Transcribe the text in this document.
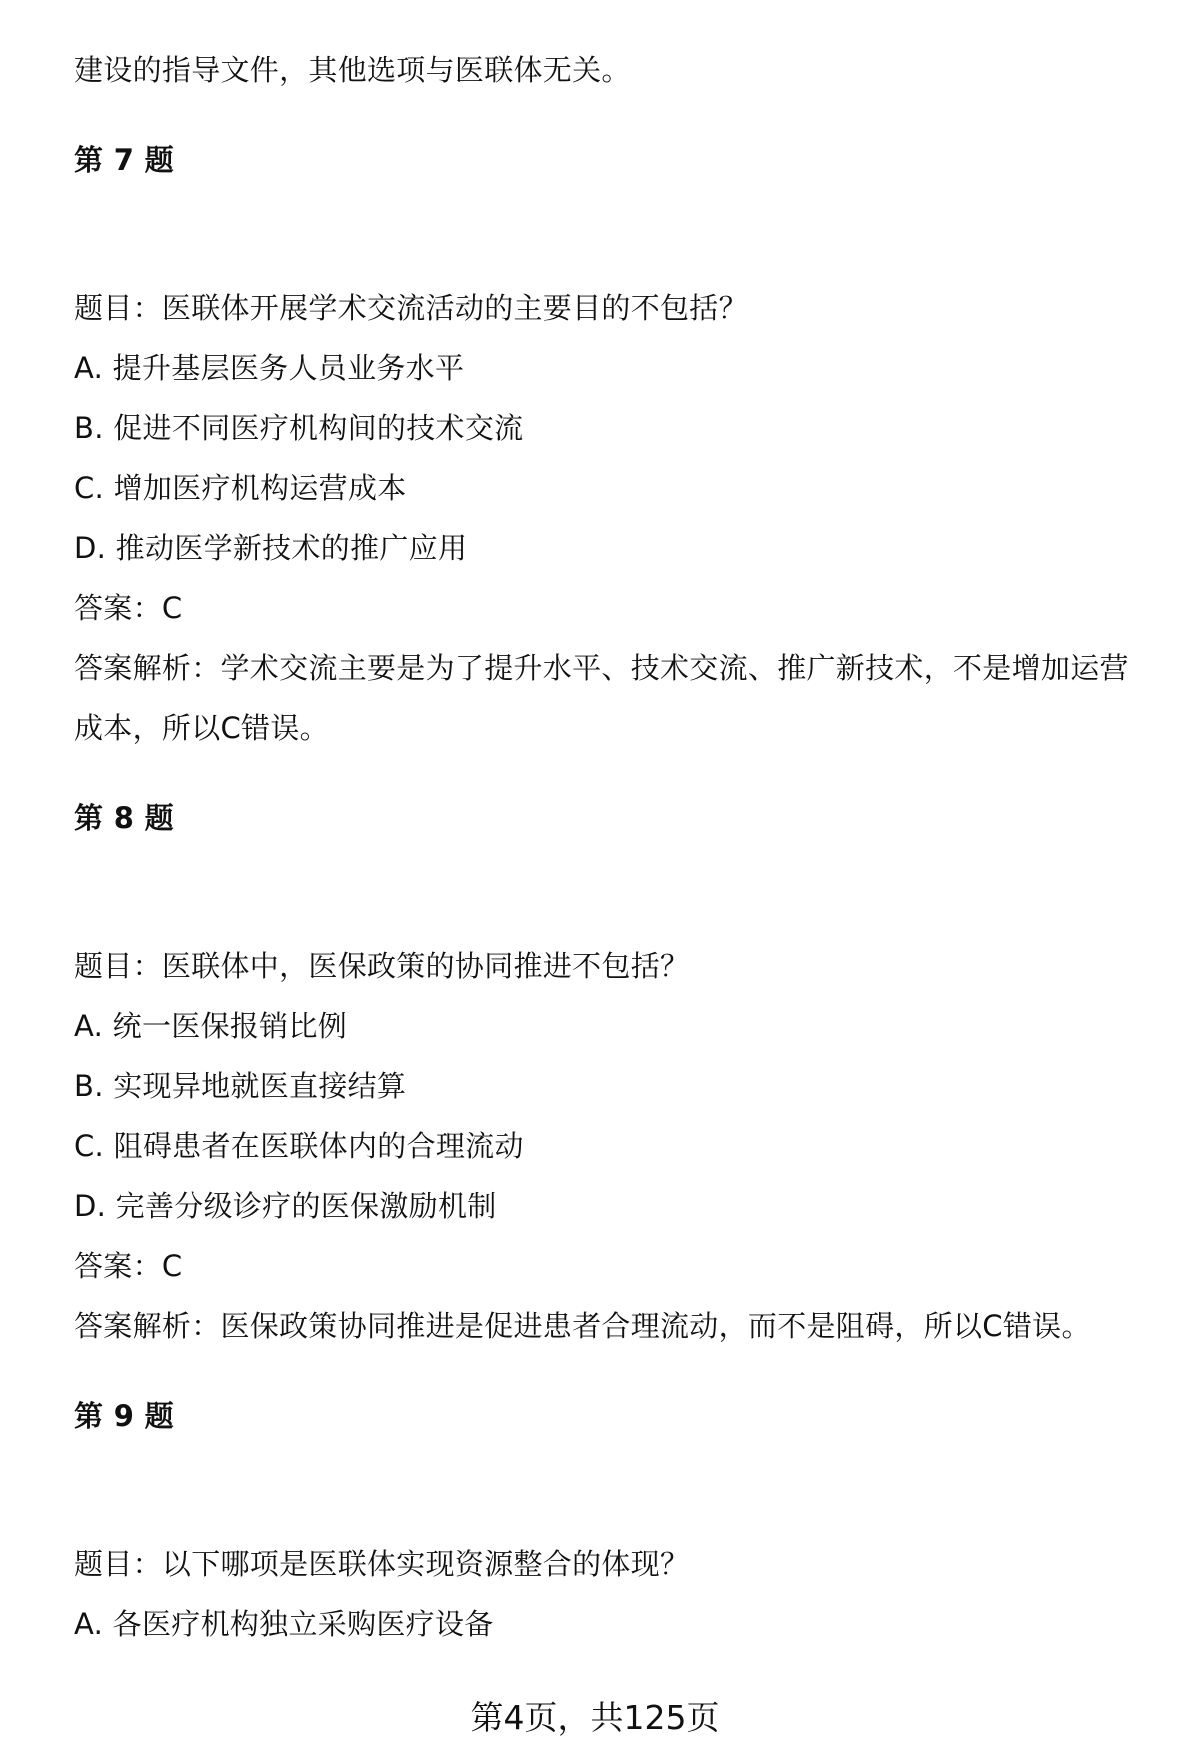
建设的指导文件，其他选项与医联体无关。

第 7 题

题目：医联体开展学术交流活动的主要目的不包括？

A. 提升基层医务人员业务水平

B. 促进不同医疗机构间的技术交流

C. 增加医疗机构运营成本

D. 推动医学新技术的推广应用

答案：C

答案解析：学术交流主要是为了提升水平、技术交流、推广新技术，不是增加运营

成本，所以C错误。

第 8 题

题目：医联体中，医保政策的协同推进不包括？

A. 统一医保报销比例

B. 实现异地就医直接结算

C. 阻碍患者在医联体内的合理流动

D. 完善分级诊疗的医保激励机制

答案：C

答案解析：医保政策协同推进是促进患者合理流动，而不是阻碍，所以C错误。

第 9 题

题目：以下哪项是医联体实现资源整合的体现？

A. 各医疗机构独立采购医疗设备

第4页，共125页
